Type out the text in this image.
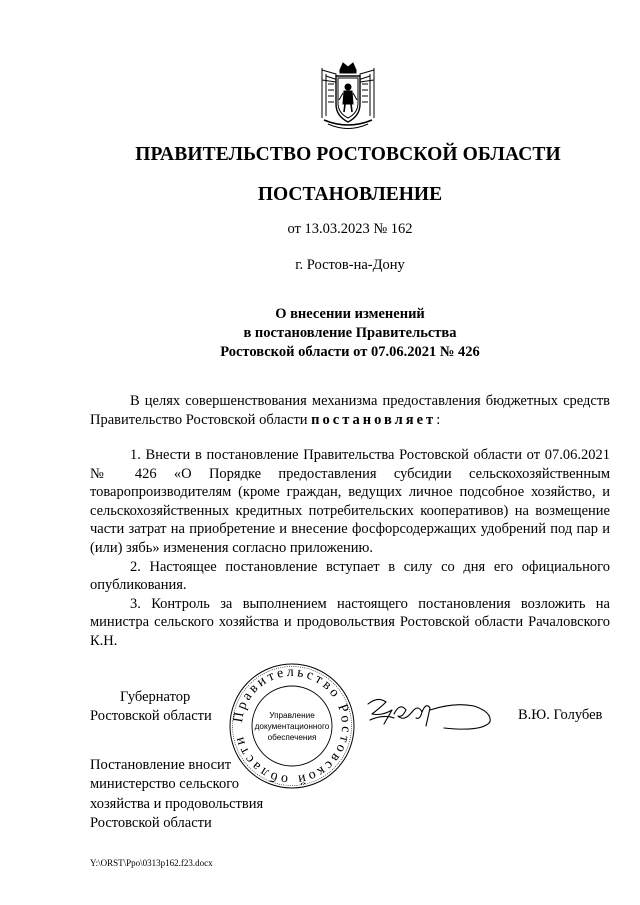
ПРАВИТЕЛЬСТВО РОСТОВСКОЙ ОБЛАСТИ
ПОСТАНОВЛЕНИЕ
от 13.03.2023 № 162
г. Ростов-на-Дону
О внесении изменений
в постановление Правительства
Ростовской области от 07.06.2021 № 426

В целях совершенствования механизма предоставления бюджетных средств Правительство Ростовской области постановляет:

1. Внести в постановление Правительства Ростовской области от 07.06.2021 № 426 «О Порядке предоставления субсидии сельскохозяйственным товаропроизводителям (кроме граждан, ведущих личное подсобное хозяйство, и сельскохозяйственных кредитных потребительских кооперативов) на возмещение части затрат на приобретение и внесение фосфорсодержащих удобрений под пар и (или) зябь» изменения согласно приложению.

2. Настоящее постановление вступает в силу со дня его официального опубликования.

3. Контроль за выполнением настоящего постановления возложить на министра сельского хозяйства и продовольствия Ростовской области Рачаловского К.Н.

Губернатор
Ростовской области	Правительство Ростовской области
Управление
документационного
обеспечения
В.Ю. Голубев
Постановление вносит
министерство сельского
хозяйства и продовольствия
Ростовской области
Y:\ORST\Ppo\0313p162.f23.docx
